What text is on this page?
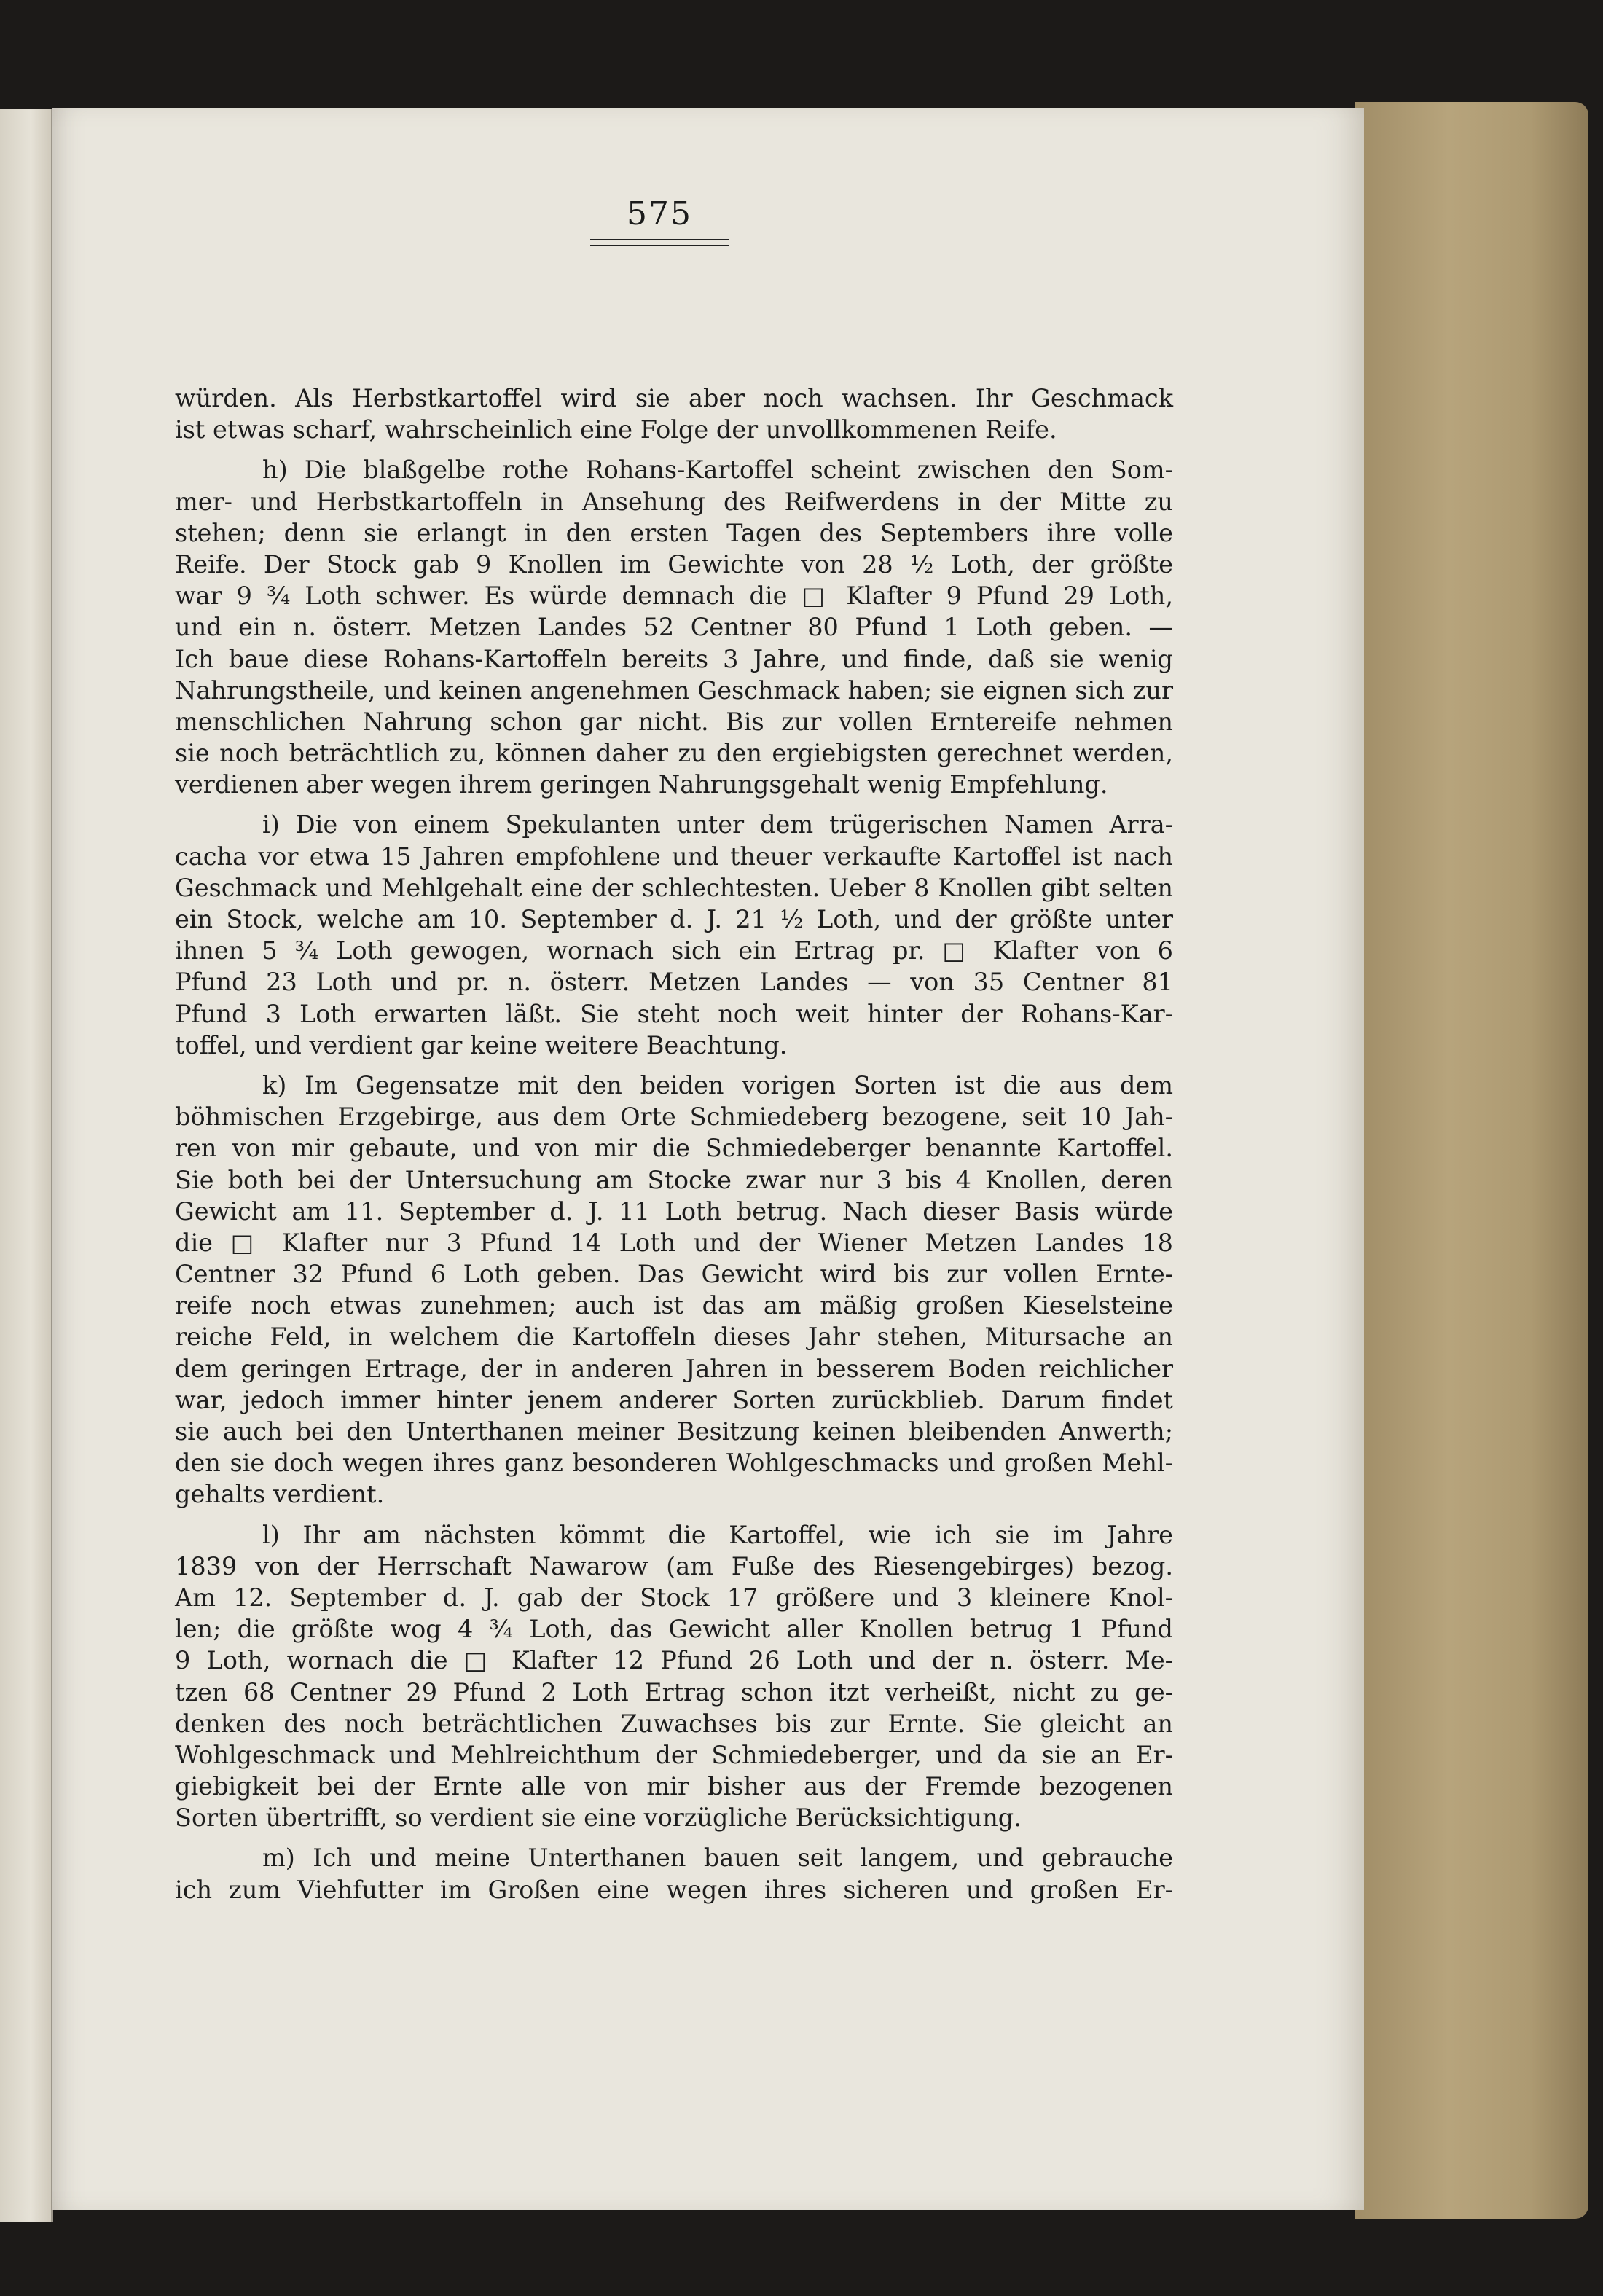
575
würden. Als Herbstkartoffel wird sie aber noch wachsen. Ihr Geschmack
ist etwas scharf, wahrscheinlich eine Folge der unvollkommenen Reife.
h) Die blaßgelbe rothe Rohans-Kartoffel scheint zwischen den Som-
mer- und Herbstkartoffeln in Ansehung des Reifwerdens in der Mitte zu
stehen; denn sie erlangt in den ersten Tagen des Septembers ihre volle
Reife. Der Stock gab 9 Knollen im Gewichte von 28 ½ Loth, der größte
war 9 ¾ Loth schwer. Es würde demnach die □ Klafter 9 Pfund 29 Loth,
und ein n. österr. Metzen Landes 52 Centner 80 Pfund 1 Loth geben. —
Ich baue diese Rohans-Kartoffeln bereits 3 Jahre, und finde, daß sie wenig
Nahrungstheile, und keinen angenehmen Geschmack haben; sie eignen sich zur
menschlichen Nahrung schon gar nicht. Bis zur vollen Erntereife nehmen
sie noch beträchtlich zu, können daher zu den ergiebigsten gerechnet werden,
verdienen aber wegen ihrem geringen Nahrungsgehalt wenig Empfehlung.
i) Die von einem Spekulanten unter dem trügerischen Namen Arra-
cacha vor etwa 15 Jahren empfohlene und theuer verkaufte Kartoffel ist nach
Geschmack und Mehlgehalt eine der schlechtesten. Ueber 8 Knollen gibt selten
ein Stock, welche am 10. September d. J. 21 ½ Loth, und der größte unter
ihnen 5 ¾ Loth gewogen, wornach sich ein Ertrag pr. □ Klafter von 6
Pfund 23 Loth und pr. n. österr. Metzen Landes — von 35 Centner 81
Pfund 3 Loth erwarten läßt. Sie steht noch weit hinter der Rohans-Kar-
toffel, und verdient gar keine weitere Beachtung.
k) Im Gegensatze mit den beiden vorigen Sorten ist die aus dem
böhmischen Erzgebirge, aus dem Orte Schmiedeberg bezogene, seit 10 Jah-
ren von mir gebaute, und von mir die Schmiedeberger benannte Kartoffel.
Sie both bei der Untersuchung am Stocke zwar nur 3 bis 4 Knollen, deren
Gewicht am 11. September d. J. 11 Loth betrug. Nach dieser Basis würde
die □ Klafter nur 3 Pfund 14 Loth und der Wiener Metzen Landes 18
Centner 32 Pfund 6 Loth geben. Das Gewicht wird bis zur vollen Ernte-
reife noch etwas zunehmen; auch ist das am mäßig großen Kieselsteine
reiche Feld, in welchem die Kartoffeln dieses Jahr stehen, Mitursache an
dem geringen Ertrage, der in anderen Jahren in besserem Boden reichlicher
war, jedoch immer hinter jenem anderer Sorten zurückblieb. Darum findet
sie auch bei den Unterthanen meiner Besitzung keinen bleibenden Anwerth;
den sie doch wegen ihres ganz besonderen Wohlgeschmacks und großen Mehl-
gehalts verdient.
l) Ihr am nächsten kömmt die Kartoffel, wie ich sie im Jahre
1839 von der Herrschaft Nawarow (am Fuße des Riesengebirges) bezog.
Am 12. September d. J. gab der Stock 17 größere und 3 kleinere Knol-
len; die größte wog 4 ¾ Loth, das Gewicht aller Knollen betrug 1 Pfund
9 Loth, wornach die □ Klafter 12 Pfund 26 Loth und der n. österr. Me-
tzen 68 Centner 29 Pfund 2 Loth Ertrag schon itzt verheißt, nicht zu ge-
denken des noch beträchtlichen Zuwachses bis zur Ernte. Sie gleicht an
Wohlgeschmack und Mehlreichthum der Schmiedeberger, und da sie an Er-
giebigkeit bei der Ernte alle von mir bisher aus der Fremde bezogenen
Sorten übertrifft, so verdient sie eine vorzügliche Berücksichtigung.
m) Ich und meine Unterthanen bauen seit langem, und gebrauche
ich zum Viehfutter im Großen eine wegen ihres sicheren und großen Er-
